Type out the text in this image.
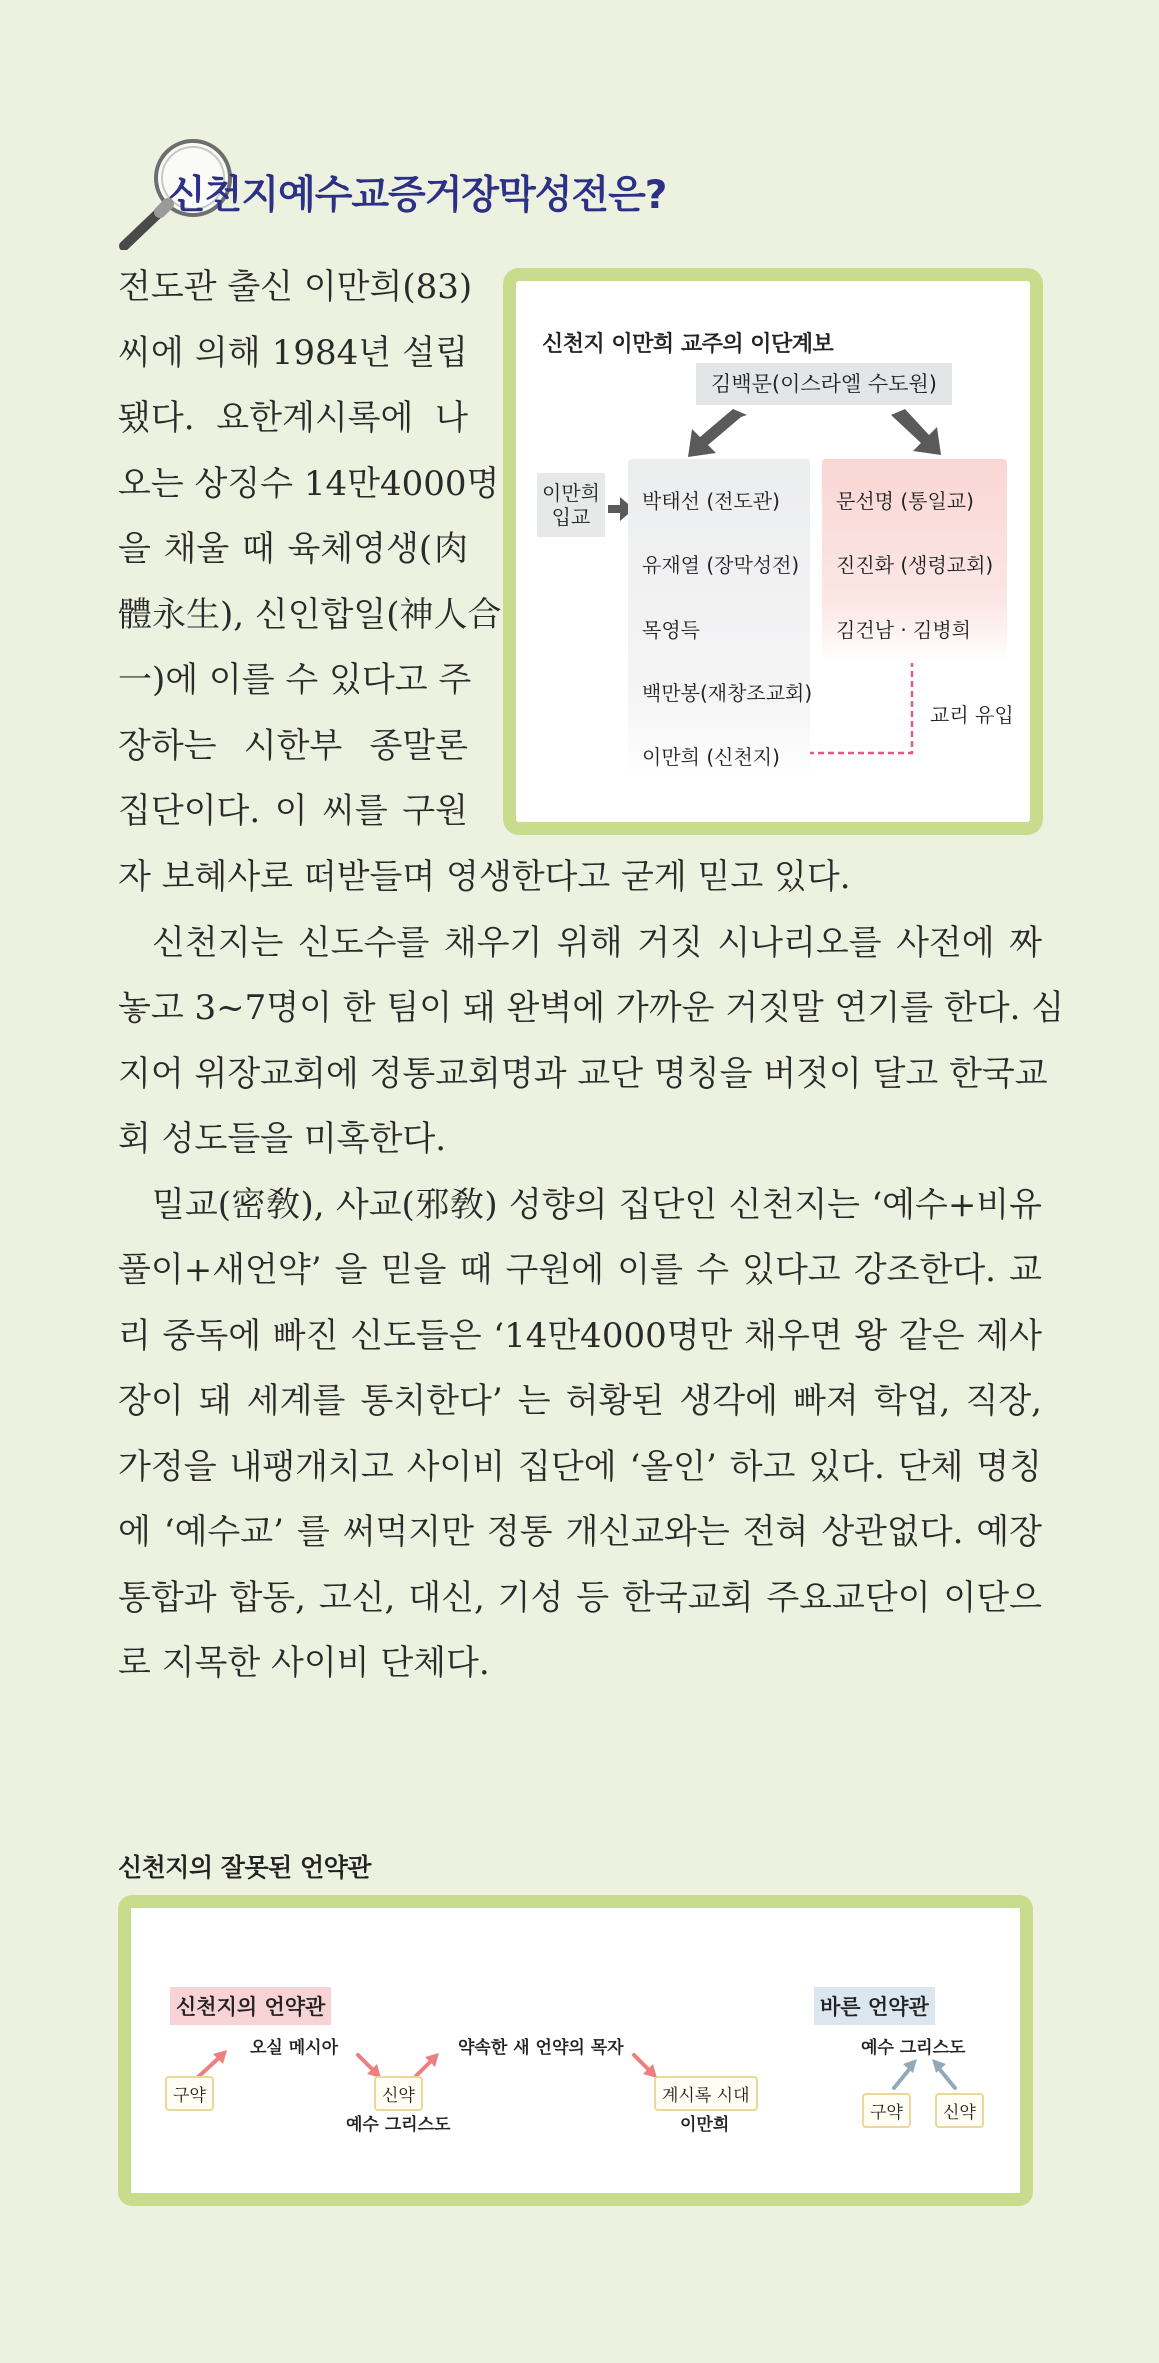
신천지예수교증거장막성전은?
전도관 출신 이만희(83)
씨에 의해 1984년 설립
됐다. 요한계시록에 나
오는 상징수 14만4000명
을 채울 때 육체영생(肉
體永生), 신인합일(神人合
一)에 이를 수 있다고 주
장하는 시한부 종말론
집단이다. 이 씨를 구원
신천지 이만희 교주의 이단계보
김백문(이스라엘 수도원)
이만희
입교
박태선 (전도관)
유재열 (장막성전)
목영득
백만봉(재창조교회)
이만희 (신천지)
문선명 (통일교)
진진화 (생령교회)
김건남 · 김병희
교리 유입
자 보혜사로 떠받들며 영생한다고 굳게 믿고 있다.
신천지는 신도수를 채우기 위해 거짓 시나리오를 사전에 짜
놓고 3~7명이 한 팀이 돼 완벽에 가까운 거짓말 연기를 한다. 심
지어 위장교회에 정통교회명과 교단 명칭을 버젓이 달고 한국교
회 성도들을 미혹한다.
밀교(密敎), 사교(邪敎) 성향의 집단인 신천지는 ‘예수+비유
풀이+새언약’ 을 믿을 때 구원에 이를 수 있다고 강조한다. 교
리 중독에 빠진 신도들은 ‘14만4000명만 채우면 왕 같은 제사
장이 돼 세계를 통치한다’ 는 허황된 생각에 빠져 학업, 직장,
가정을 내팽개치고 사이비 집단에 ‘올인’ 하고 있다. 단체 명칭
에 ‘예수교’ 를 써먹지만 정통 개신교와는 전혀 상관없다. 예장
통합과 합동, 고신, 대신, 기성 등 한국교회 주요교단이 이단으
로 지목한 사이비 단체다.
신천지의 잘못된 언약관
신천지의 언약관	바른 언약관
구약
오실 메시아
신약
예수 그리스도
약속한 새 언약의 목자
계시록 시대
이만희
예수 그리스도
구약	신약
